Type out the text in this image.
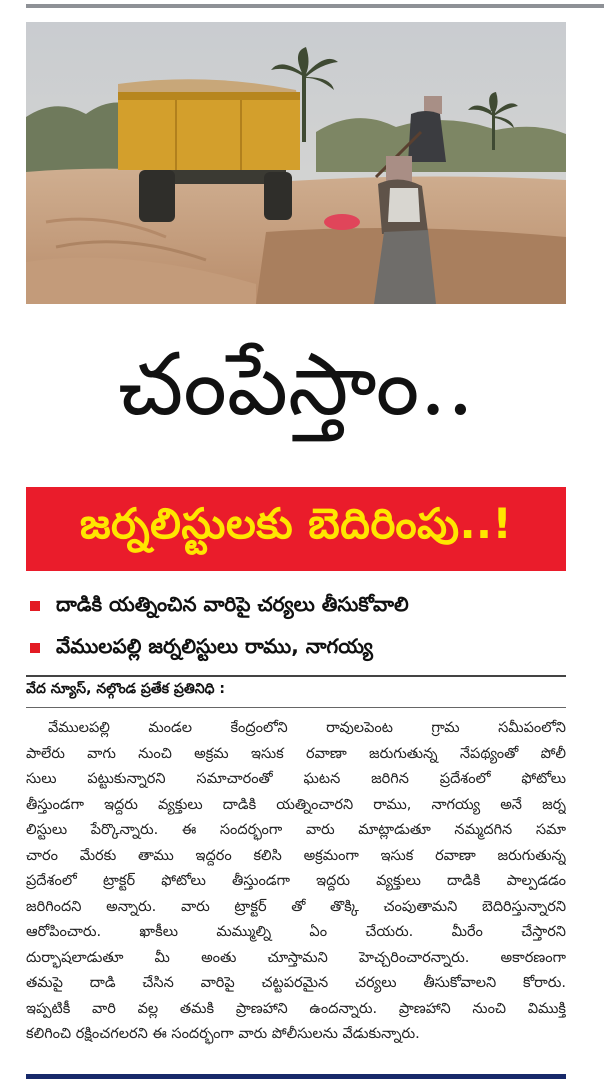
చంపేస్తాం..
జర్నలిస్టులకు బెదిరింపు..!
దాడికి యత్నించిన వారిపై చర్యలు తీసుకోవాలి
వేములపల్లి జర్నలిస్టులు రాము, నాగయ్య
వేద న్యూస్, నల్గొండ ప్రతేక ప్రతినిధి :
వేములపల్లి మండల కేంద్రంలోని రావులపెంట గ్రామ సమీపంలోని
పాలేరు వాగు నుంచి అక్రమ ఇసుక రవాణా జరుగుతున్న నేపథ్యంతో పోలీ
సులు పట్టుకున్నారని సమాచారంతో ఘటన జరిగిన ప్రదేశంలో ఫోటోలు
తీస్తుండగా ఇద్దరు వ్యక్తులు దాడికి యత్నించారని రాము, నాగయ్య అనే జర్న
లిస్టులు పేర్కొన్నారు. ఈ సందర్భంగా వారు మాట్లాడుతూ నమ్మదగిన సమా
చారం మేరకు తాము ఇద్దరం కలిసి అక్రమంగా ఇసుక రవాణా జరుగుతున్న
ప్రదేశంలో ట్రాక్టర్ ఫోటోలు తీస్తుండగా ఇద్దరు వ్యక్తులు దాడికి పాల్పడడం
జరిగిందని అన్నారు. వారు ట్రాక్టర్ తో తొక్కి చంపుతామని బెదిరిస్తున్నారని
ఆరోపించారు. ఖాకీలు మమ్ముల్ని ఏం చేయరు. మీరేం చేస్తారని
దుర్భాషలాడుతూ మీ అంతు చూస్తామని హెచ్చరించారన్నారు. అకారణంగా
తమపై దాడి చేసిన వారిపై చట్టపరమైన చర్యలు తీసుకోవాలని కోరారు.
ఇప్పటికీ వారి వల్ల తమకి ప్రాణహాని ఉందన్నారు. ప్రాణహాని నుంచి విముక్తి
కలిగించి రక్షించగలరని ఈ సందర్భంగా వారు పోలీసులను వేడుకున్నారు.
